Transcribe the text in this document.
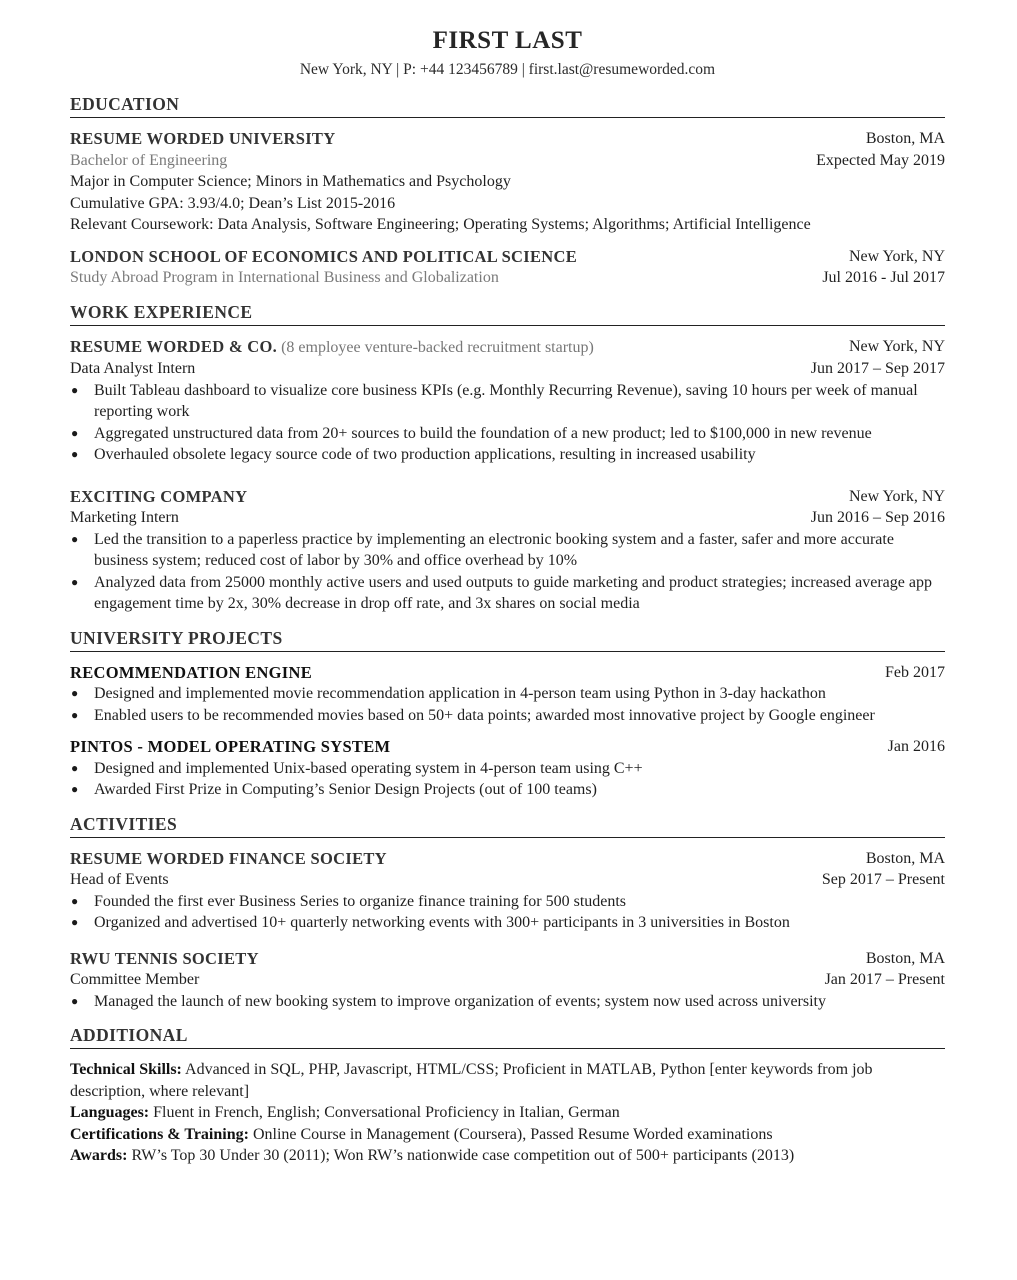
FIRST LAST
New York, NY | P: +44 123456789 | first.last@resumeworded.com
EDUCATION
RESUME WORDED UNIVERSITY	Boston, MA
Bachelor of Engineering	Expected May 2019
Major in Computer Science; Minors in Mathematics and Psychology
Cumulative GPA: 3.93/4.0; Dean’s List 2015-2016
Relevant Coursework: Data Analysis, Software Engineering; Operating Systems; Algorithms; Artificial Intelligence
LONDON SCHOOL OF ECONOMICS AND POLITICAL SCIENCE	New York, NY
Study Abroad Program in International Business and Globalization	Jul 2016 - Jul 2017
WORK EXPERIENCE
RESUME WORDED & CO. (8 employee venture-backed recruitment startup)	New York, NY
Data Analyst Intern	Jun 2017 – Sep 2017
● Built Tableau dashboard to visualize core business KPIs (e.g. Monthly Recurring Revenue), saving 10 hours per week of manual reporting work
● Aggregated unstructured data from 20+ sources to build the foundation of a new product; led to $100,000 in new revenue
● Overhauled obsolete legacy source code of two production applications, resulting in increased usability
EXCITING COMPANY	New York, NY
Marketing Intern	Jun 2016 – Sep 2016
● Led the transition to a paperless practice by implementing an electronic booking system and a faster, safer and more accurate business system; reduced cost of labor by 30% and office overhead by 10%
● Analyzed data from 25000 monthly active users and used outputs to guide marketing and product strategies; increased average app engagement time by 2x, 30% decrease in drop off rate, and 3x shares on social media
UNIVERSITY PROJECTS
RECOMMENDATION ENGINE	Feb 2017
● Designed and implemented movie recommendation application in 4-person team using Python in 3-day hackathon
● Enabled users to be recommended movies based on 50+ data points; awarded most innovative project by Google engineer
PINTOS - MODEL OPERATING SYSTEM	Jan 2016
● Designed and implemented Unix-based operating system in 4-person team using C++
● Awarded First Prize in Computing’s Senior Design Projects (out of 100 teams)
ACTIVITIES
RESUME WORDED FINANCE SOCIETY	Boston, MA
Head of Events	Sep 2017 – Present
● Founded the first ever Business Series to organize finance training for 500 students
● Organized and advertised 10+ quarterly networking events with 300+ participants in 3 universities in Boston
RWU TENNIS SOCIETY	Boston, MA
Committee Member	Jan 2017 – Present
● Managed the launch of new booking system to improve organization of events; system now used across university
ADDITIONAL
Technical Skills: Advanced in SQL, PHP, Javascript, HTML/CSS; Proficient in MATLAB, Python [enter keywords from job description, where relevant]
Languages: Fluent in French, English; Conversational Proficiency in Italian, German
Certifications & Training: Online Course in Management (Coursera), Passed Resume Worded examinations
Awards: RW’s Top 30 Under 30 (2011); Won RW’s nationwide case competition out of 500+ participants (2013)
